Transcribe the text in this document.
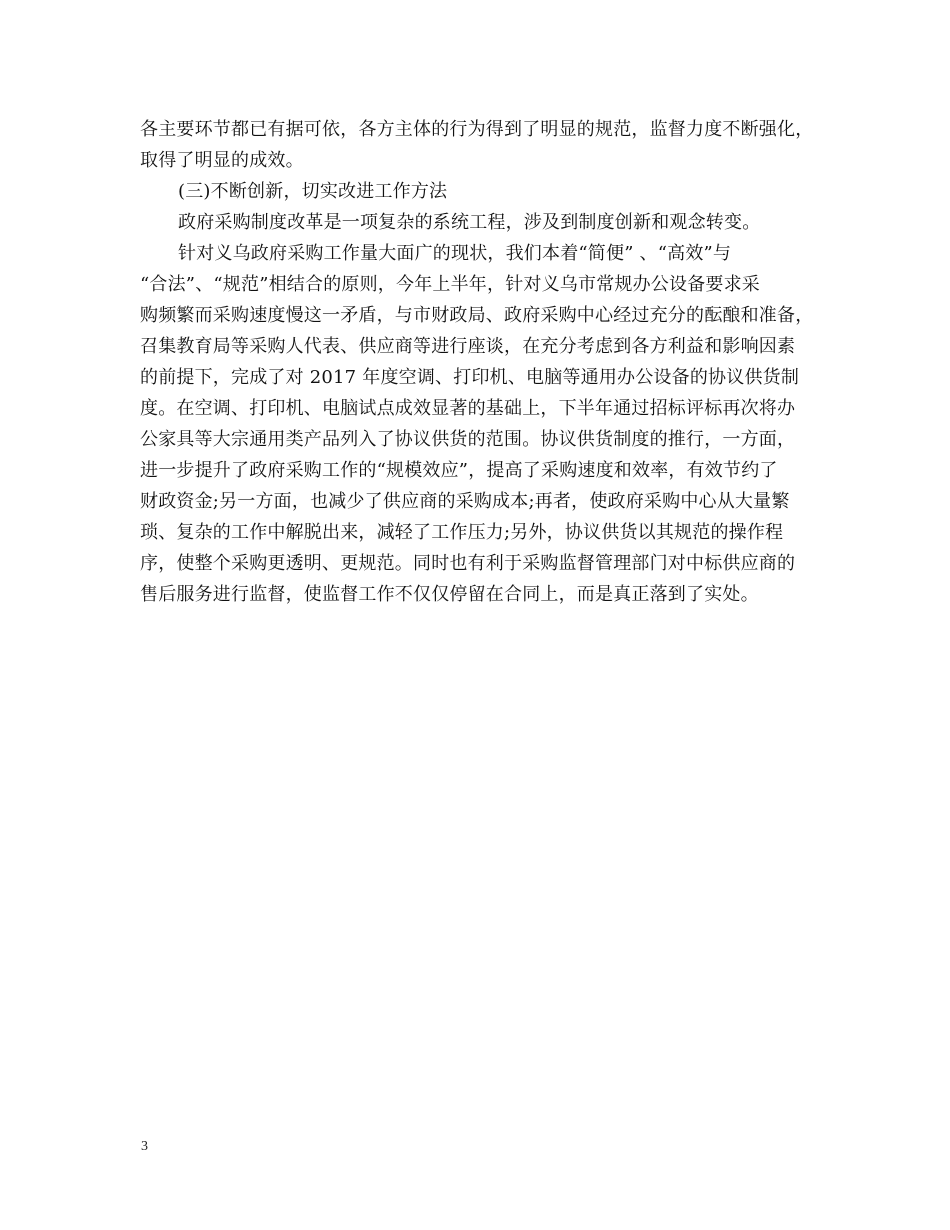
各主要环节都已有据可依，各方主体的行为得到了明显的规范，监督力度不断强化，
取得了明显的成效。
(三)不断创新，切实改进工作方法
政府采购制度改革是一项复杂的系统工程，涉及到制度创新和观念转变。
针对义乌政府采购工作量大面广的现状，我们本着“简便” 、“高效”与
“合法”、“规范”相结合的原则，今年上半年，针对义乌市常规办公设备要求采
购频繁而采购速度慢这一矛盾，与市财政局、政府采购中心经过充分的酝酿和准备，
召集教育局等采购人代表、供应商等进行座谈，在充分考虑到各方利益和影响因素
的前提下，完成了对 2017 年度空调、打印机、电脑等通用办公设备的协议供货制
度。在空调、打印机、电脑试点成效显著的基础上，下半年通过招标评标再次将办
公家具等大宗通用类产品列入了协议供货的范围。协议供货制度的推行，一方面，
进一步提升了政府采购工作的“规模效应”，提高了采购速度和效率，有效节约了
财政资金;另一方面，也减少了供应商的采购成本;再者，使政府采购中心从大量繁
琐、复杂的工作中解脱出来，减轻了工作压力;另外，协议供货以其规范的操作程
序，使整个采购更透明、更规范。同时也有利于采购监督管理部门对中标供应商的
售后服务进行监督，使监督工作不仅仅停留在合同上，而是真正落到了实处。
3
